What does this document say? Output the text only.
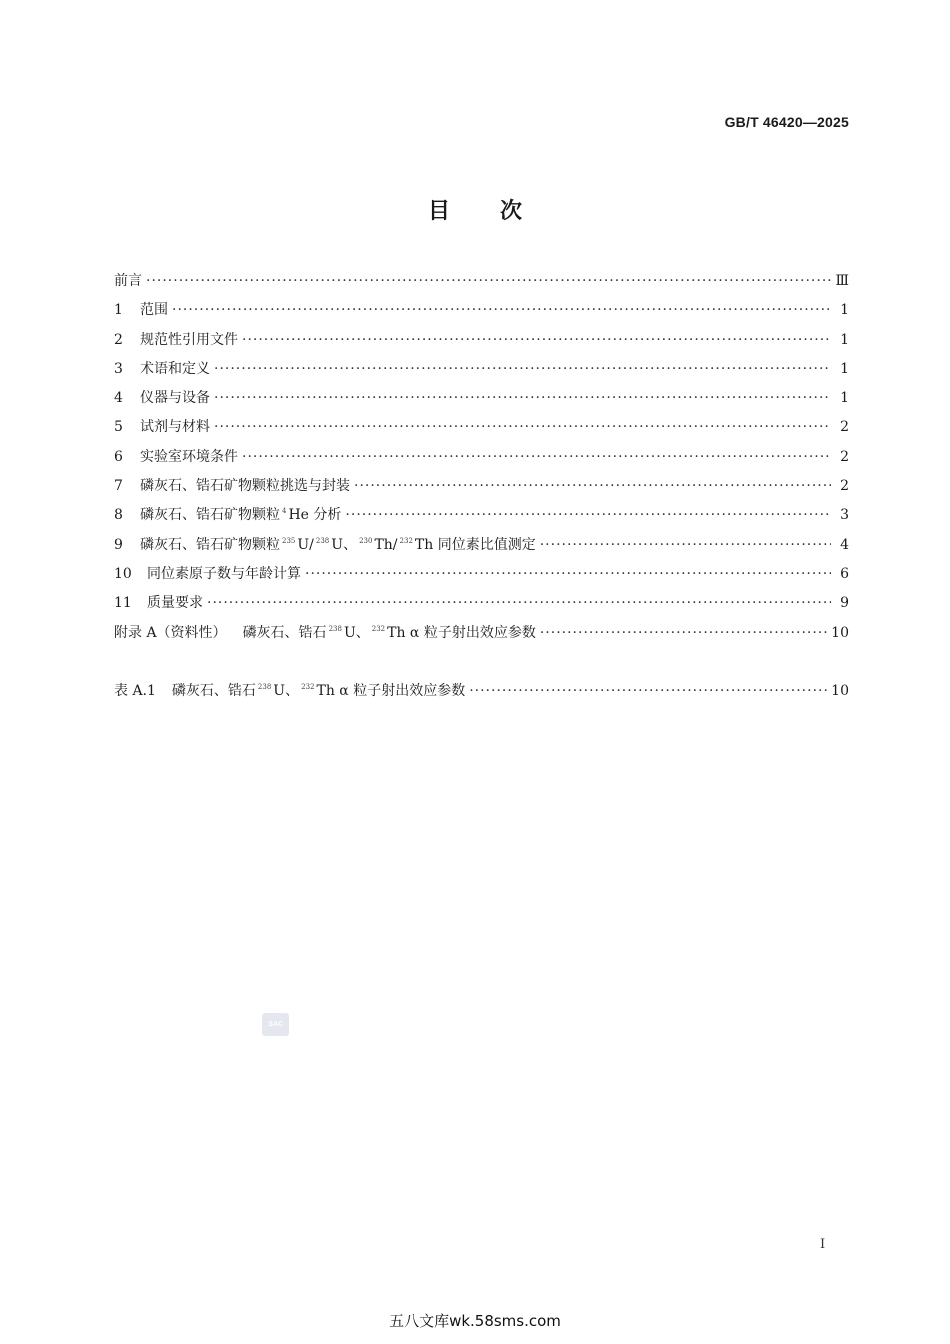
GB/T 46420—2025
目 次
前言 ·····	Ⅲ
1	范围 ·····	1
2	规范性引用文件 ·····	1
3	术语和定义 ·····	1
4	仪器与设备 ·····	1
5	试剂与材料 ·····	2
6	实验室环境条件 ·····	2
7	磷灰石、锆石矿物颗粒挑选与封装 ·····	2
8	磷灰石、锆石矿物颗粒 $^4$ He 分析 ·····	3
9	磷灰石、锆石矿物颗粒 $^{235}$ U/ $^{238}$ U、 $^{230}$ Th/ $^{232}$ Th 同位素比值测定 ·····	4
10	同位素原子数与年龄计算 ·····	6
11	质量要求 ·····	9
附录 A（资料性） 磷灰石、锆石 $^{238}$ U、 $^{232}$ Th α 粒子射出效应参数 ·····	10
表 A.1 磷灰石、锆石 $^{238}$ U、 $^{232}$ Th α 粒子射出效应参数 ·····	10
SAC
I
五八文库wk.58sms.com
